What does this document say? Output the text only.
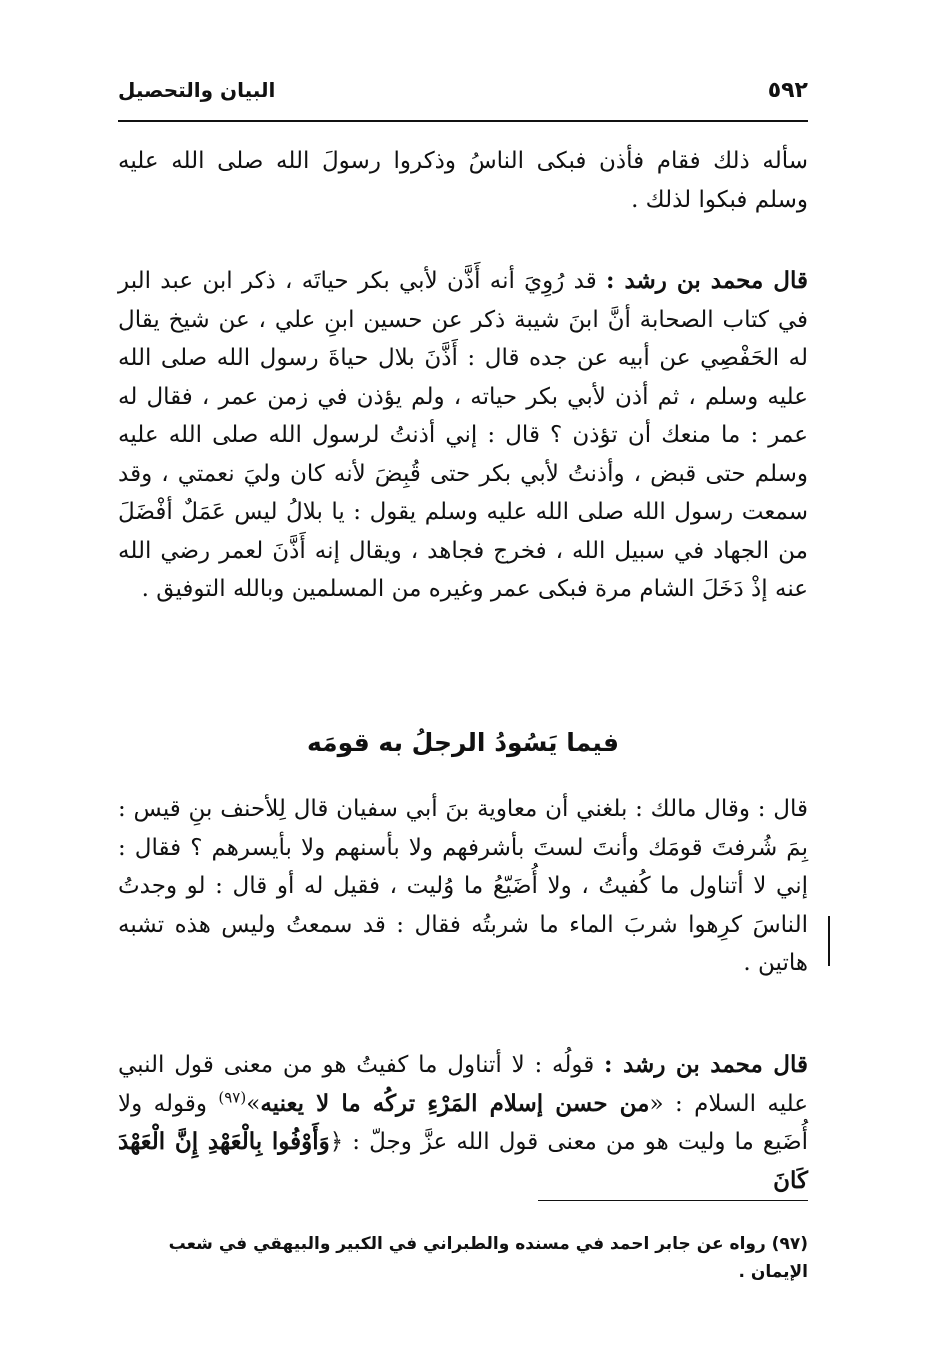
٥٩٢
البيان والتحصيل

سأله ذلك فقام فأذن فبكى الناسُ وذكروا رسولَ الله صلى الله عليه وسلم فبكوا لذلك .

قال محمد بن رشد : قد رُوِيَ أنه أَذَّن لأبي بكر حياتَه ، ذكر ابن عبد البر في كتاب الصحابة أنَّ ابنَ شيبة ذكر عن حسين ابنِ علي ، عن شيخ يقال له الحَفْصِي عن أبيه عن جده قال : أَذَّنَ بلال حياةَ رسول الله صلى الله عليه وسلم ، ثم أذن لأبي بكر حياته ، ولم يؤذن في زمن عمر ، فقال له عمر : ما منعك أن تؤذن ؟ قال : إني أذنتُ لرسول الله صلى الله عليه وسلم حتى قبض ، وأذنتُ لأبي بكر حتى قُبِضَ لأنه كان وليَ نعمتي ، وقد سمعت رسول الله صلى الله عليه وسلم يقول : يا بلالُ ليس عَمَلٌ أفْضَلَ من الجهاد في سبيل الله ، فخرج فجاهد ، ويقال إنه أَذَّنَ لعمر رضي الله عنه إذْ دَخَلَ الشام مرة فبكى عمر وغيره من المسلمين وبالله التوفيق .

فيما يَسُودُ الرجلُ به قومَه

قال : وقال مالك : بلغني أن معاوية بنَ أبي سفيان قال لِلأحنف بنِ قيس : بِمَ شُرفتَ قومَك وأنتَ لستَ بأشرفهم ولا بأسنهم ولا بأيسرهم ؟ فقال : إني لا أتناول ما كُفيتُ ، ولا أُضَيّعُ ما وُليت ، فقيل له أو قال : لو وجدتُ الناسَ كرِهوا شربَ الماء ما شربتُه فقال : قد سمعتُ وليس هذه تشبه هاتين .

قال محمد بن رشد : قولُه : لا أتناول ما كفيتُ هو من معنى قول النبي عليه السلام : «من حسن إسلام المَرْءِ تركُه ما لا يعنيه»$^{(٩٧)}$ وقوله ولا أُضَيع ما وليت هو من معنى قول الله عزَّ وجلّ : ﴿وَأَوْفُوا بِالْعَهْدِ إِنَّ الْعَهْدَ كَانَ

(٩٧) رواه عن جابر احمد في مسنده والطبراني في الكبير والبيهقي في شعب الإيمان .
